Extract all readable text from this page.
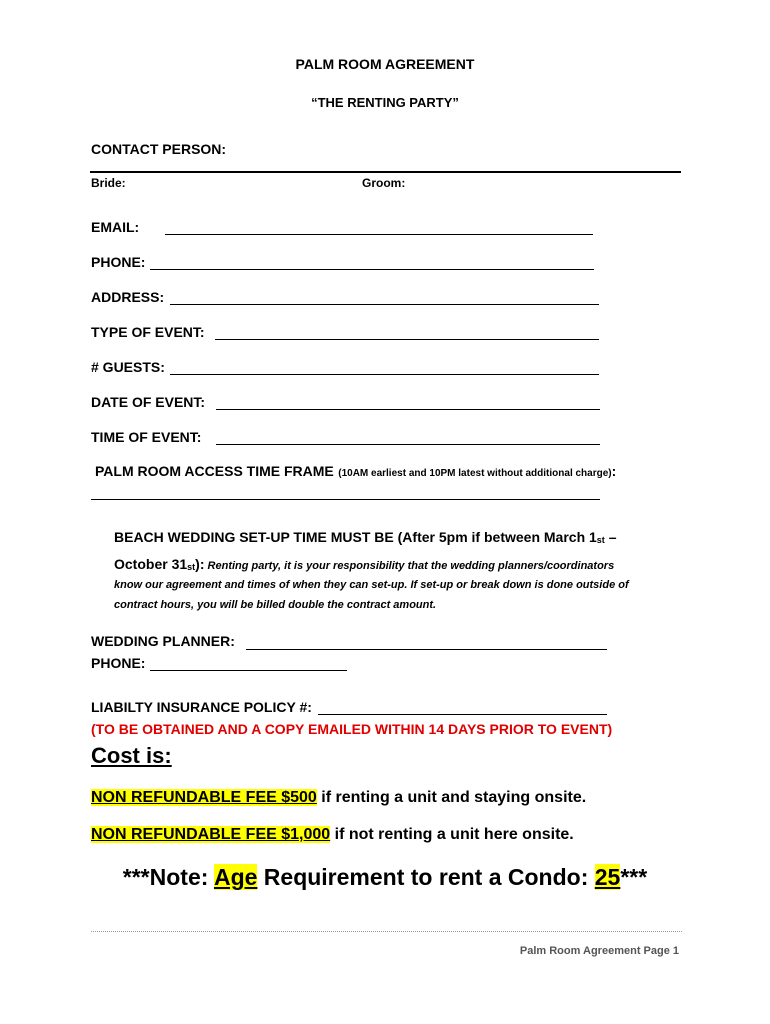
PALM ROOM AGREEMENT
“THE RENTING PARTY”
CONTACT PERSON:
Bride:	Groom:
EMAIL:
PHONE:
ADDRESS:
TYPE OF EVENT:
# GUESTS:
DATE OF EVENT:
TIME OF EVENT:
PALM ROOM ACCESS TIME FRAME (10AM earliest and 10PM latest without additional charge):
BEACH WEDDING SET-UP TIME MUST BE (After 5pm if between March 1st –
October 31st): Renting party, it is your responsibility that the wedding planners/coordinators
know our agreement and times of when they can set-up. If set-up or break down is done outside of
contract hours, you will be billed double the contract amount.
WEDDING PLANNER:
PHONE:
LIABILTY INSURANCE POLICY #:
(TO BE OBTAINED AND A COPY EMAILED WITHIN 14 DAYS PRIOR TO EVENT)
Cost is:
NON REFUNDABLE FEE $500 if renting a unit and staying onsite.
NON REFUNDABLE FEE $1,000 if not renting a unit here onsite.
***Note: Age Requirement to rent a Condo: 25***
Palm Room Agreement Page 1
